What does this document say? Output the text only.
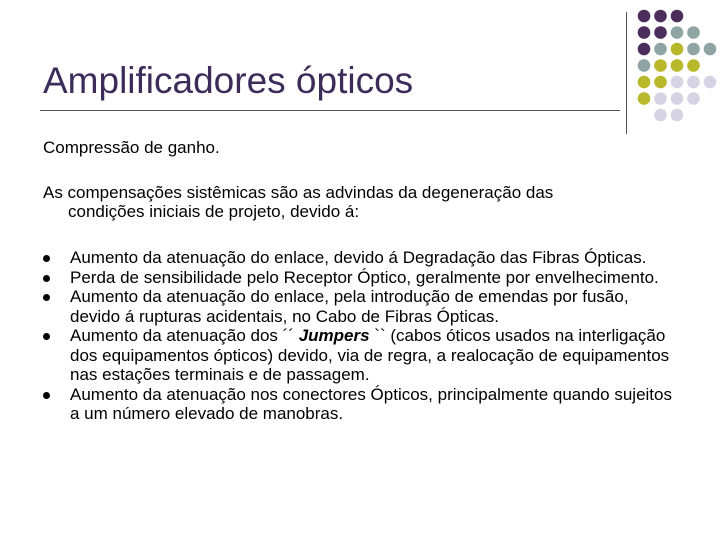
Amplificadores ópticos
Compressão de ganho.
As compensações sistêmicas são as advindas da degeneração das
condições iniciais de projeto, devido á:
Aumento da atenuação do enlace, devido á Degradação das Fibras Ópticas.
Perda de sensibilidade pelo Receptor Óptico, geralmente por envelhecimento.
Aumento da atenuação do enlace, pela introdução de emendas por fusão, devido á rupturas acidentais, no Cabo de Fibras Ópticas.
Aumento da atenuação dos ´´ Jumpers `` (cabos óticos usados na interligação dos equipamentos ópticos) devido, via de regra, a realocação de equipamentos nas estações terminais e de passagem.
Aumento da atenuação nos conectores Ópticos, principalmente quando sujeitos a um número elevado de manobras.
